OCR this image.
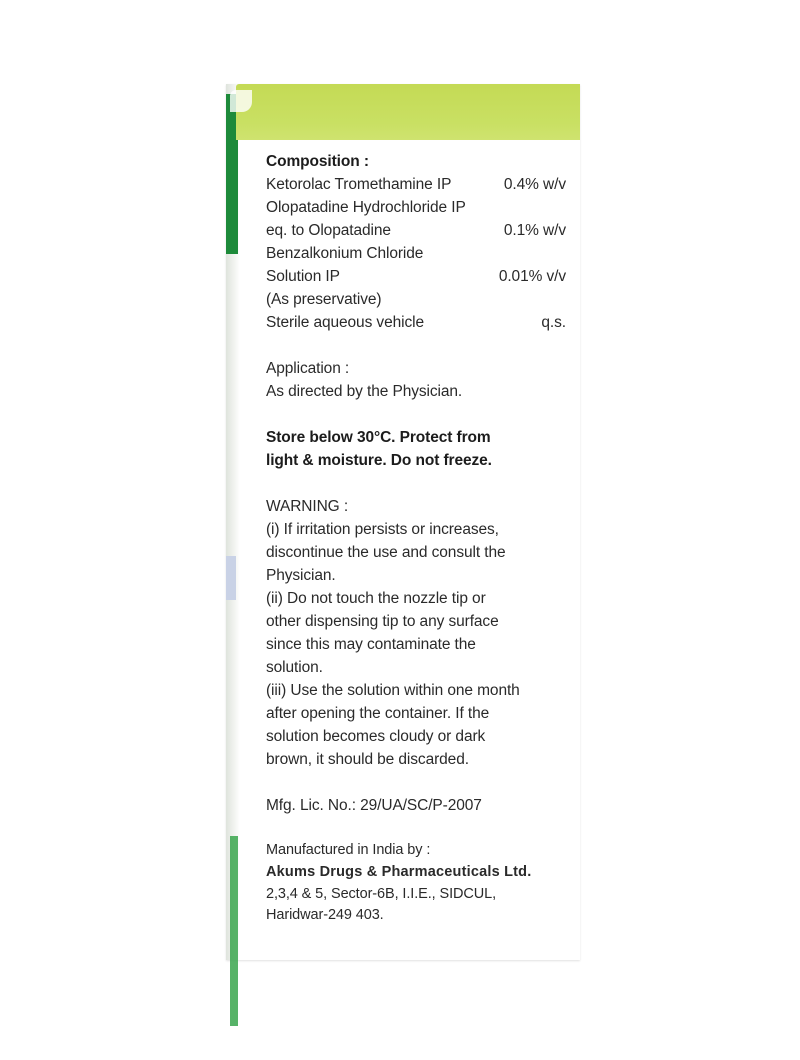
Composition :
Ketorolac Tromethamine IP	0.4% w/v
Olopatadine Hydrochloride IP
eq. to Olopatadine	0.1% w/v
Benzalkonium Chloride
Solution IP	0.01% v/v
(As preservative)
Sterile aqueous vehicle	q.s.
Application :
As directed by the Physician.
Store below 30°C. Protect from
light & moisture. Do not freeze.
WARNING :
(i) If irritation persists or increases,
discontinue the use and consult the
Physician.
(ii) Do not touch the nozzle tip or
other dispensing tip to any surface
since this may contaminate the
solution.
(iii) Use the solution within one month
after opening the container. If the
solution becomes cloudy or dark
brown, it should be discarded.
Mfg. Lic. No.: 29/UA/SC/P-2007
Manufactured in India by :
Akums Drugs & Pharmaceuticals Ltd.
2,3,4 & 5, Sector-6B, I.I.E., SIDCUL,
Haridwar-249 403.
